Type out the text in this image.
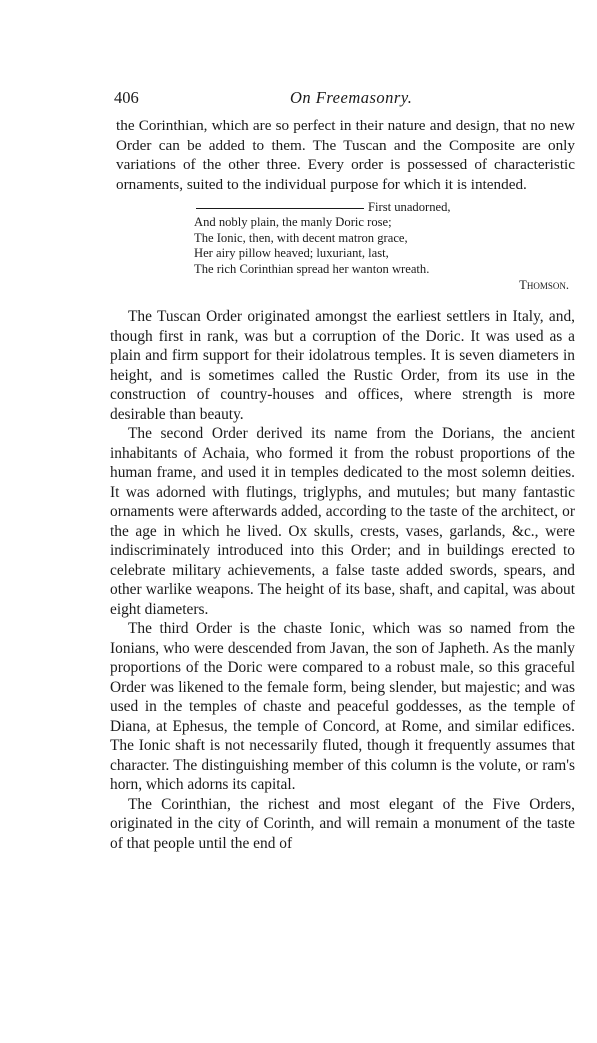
406	On Freemasonry.

the Corinthian, which are so perfect in their nature and design, that no new Order can be added to them. The Tuscan and the Composite are only variations of the other three. Every order is possessed of characteristic ornaments, suited to the individual purpose for which it is intended.

First unadorned,
And nobly plain, the manly Doric rose;
The Ionic, then, with decent matron grace,
Her airy pillow heaved; luxuriant, last,
The rich Corinthian spread her wanton wreath.
Thomson.

The Tuscan Order originated amongst the earliest settlers in Italy, and, though first in rank, was but a corruption of the Doric. It was used as a plain and firm support for their idolatrous temples. It is seven diameters in height, and is sometimes called the Rustic Order, from its use in the construction of country-houses and offices, where strength is more desirable than beauty.

The second Order derived its name from the Dorians, the ancient inhabitants of Achaia, who formed it from the robust proportions of the human frame, and used it in temples dedicated to the most solemn deities. It was adorned with flutings, triglyphs, and mutules; but many fantastic ornaments were afterwards added, according to the taste of the architect, or the age in which he lived. Ox skulls, crests, vases, garlands, &c., were indiscriminately introduced into this Order; and in buildings erected to celebrate military achievements, a false taste added swords, spears, and other warlike weapons. The height of its base, shaft, and capital, was about eight diameters.

The third Order is the chaste Ionic, which was so named from the Ionians, who were descended from Javan, the son of Japheth. As the manly proportions of the Doric were compared to a robust male, so this graceful Order was likened to the female form, being slender, but majestic; and was used in the temples of chaste and peaceful goddesses, as the temple of Diana, at Ephesus, the temple of Concord, at Rome, and similar edifices. The Ionic shaft is not necessarily fluted, though it frequently assumes that character. The distinguishing member of this column is the volute, or ram's horn, which adorns its capital.

The Corinthian, the richest and most elegant of the Five Orders, originated in the city of Corinth, and will remain a monument of the taste of that people until the end of
